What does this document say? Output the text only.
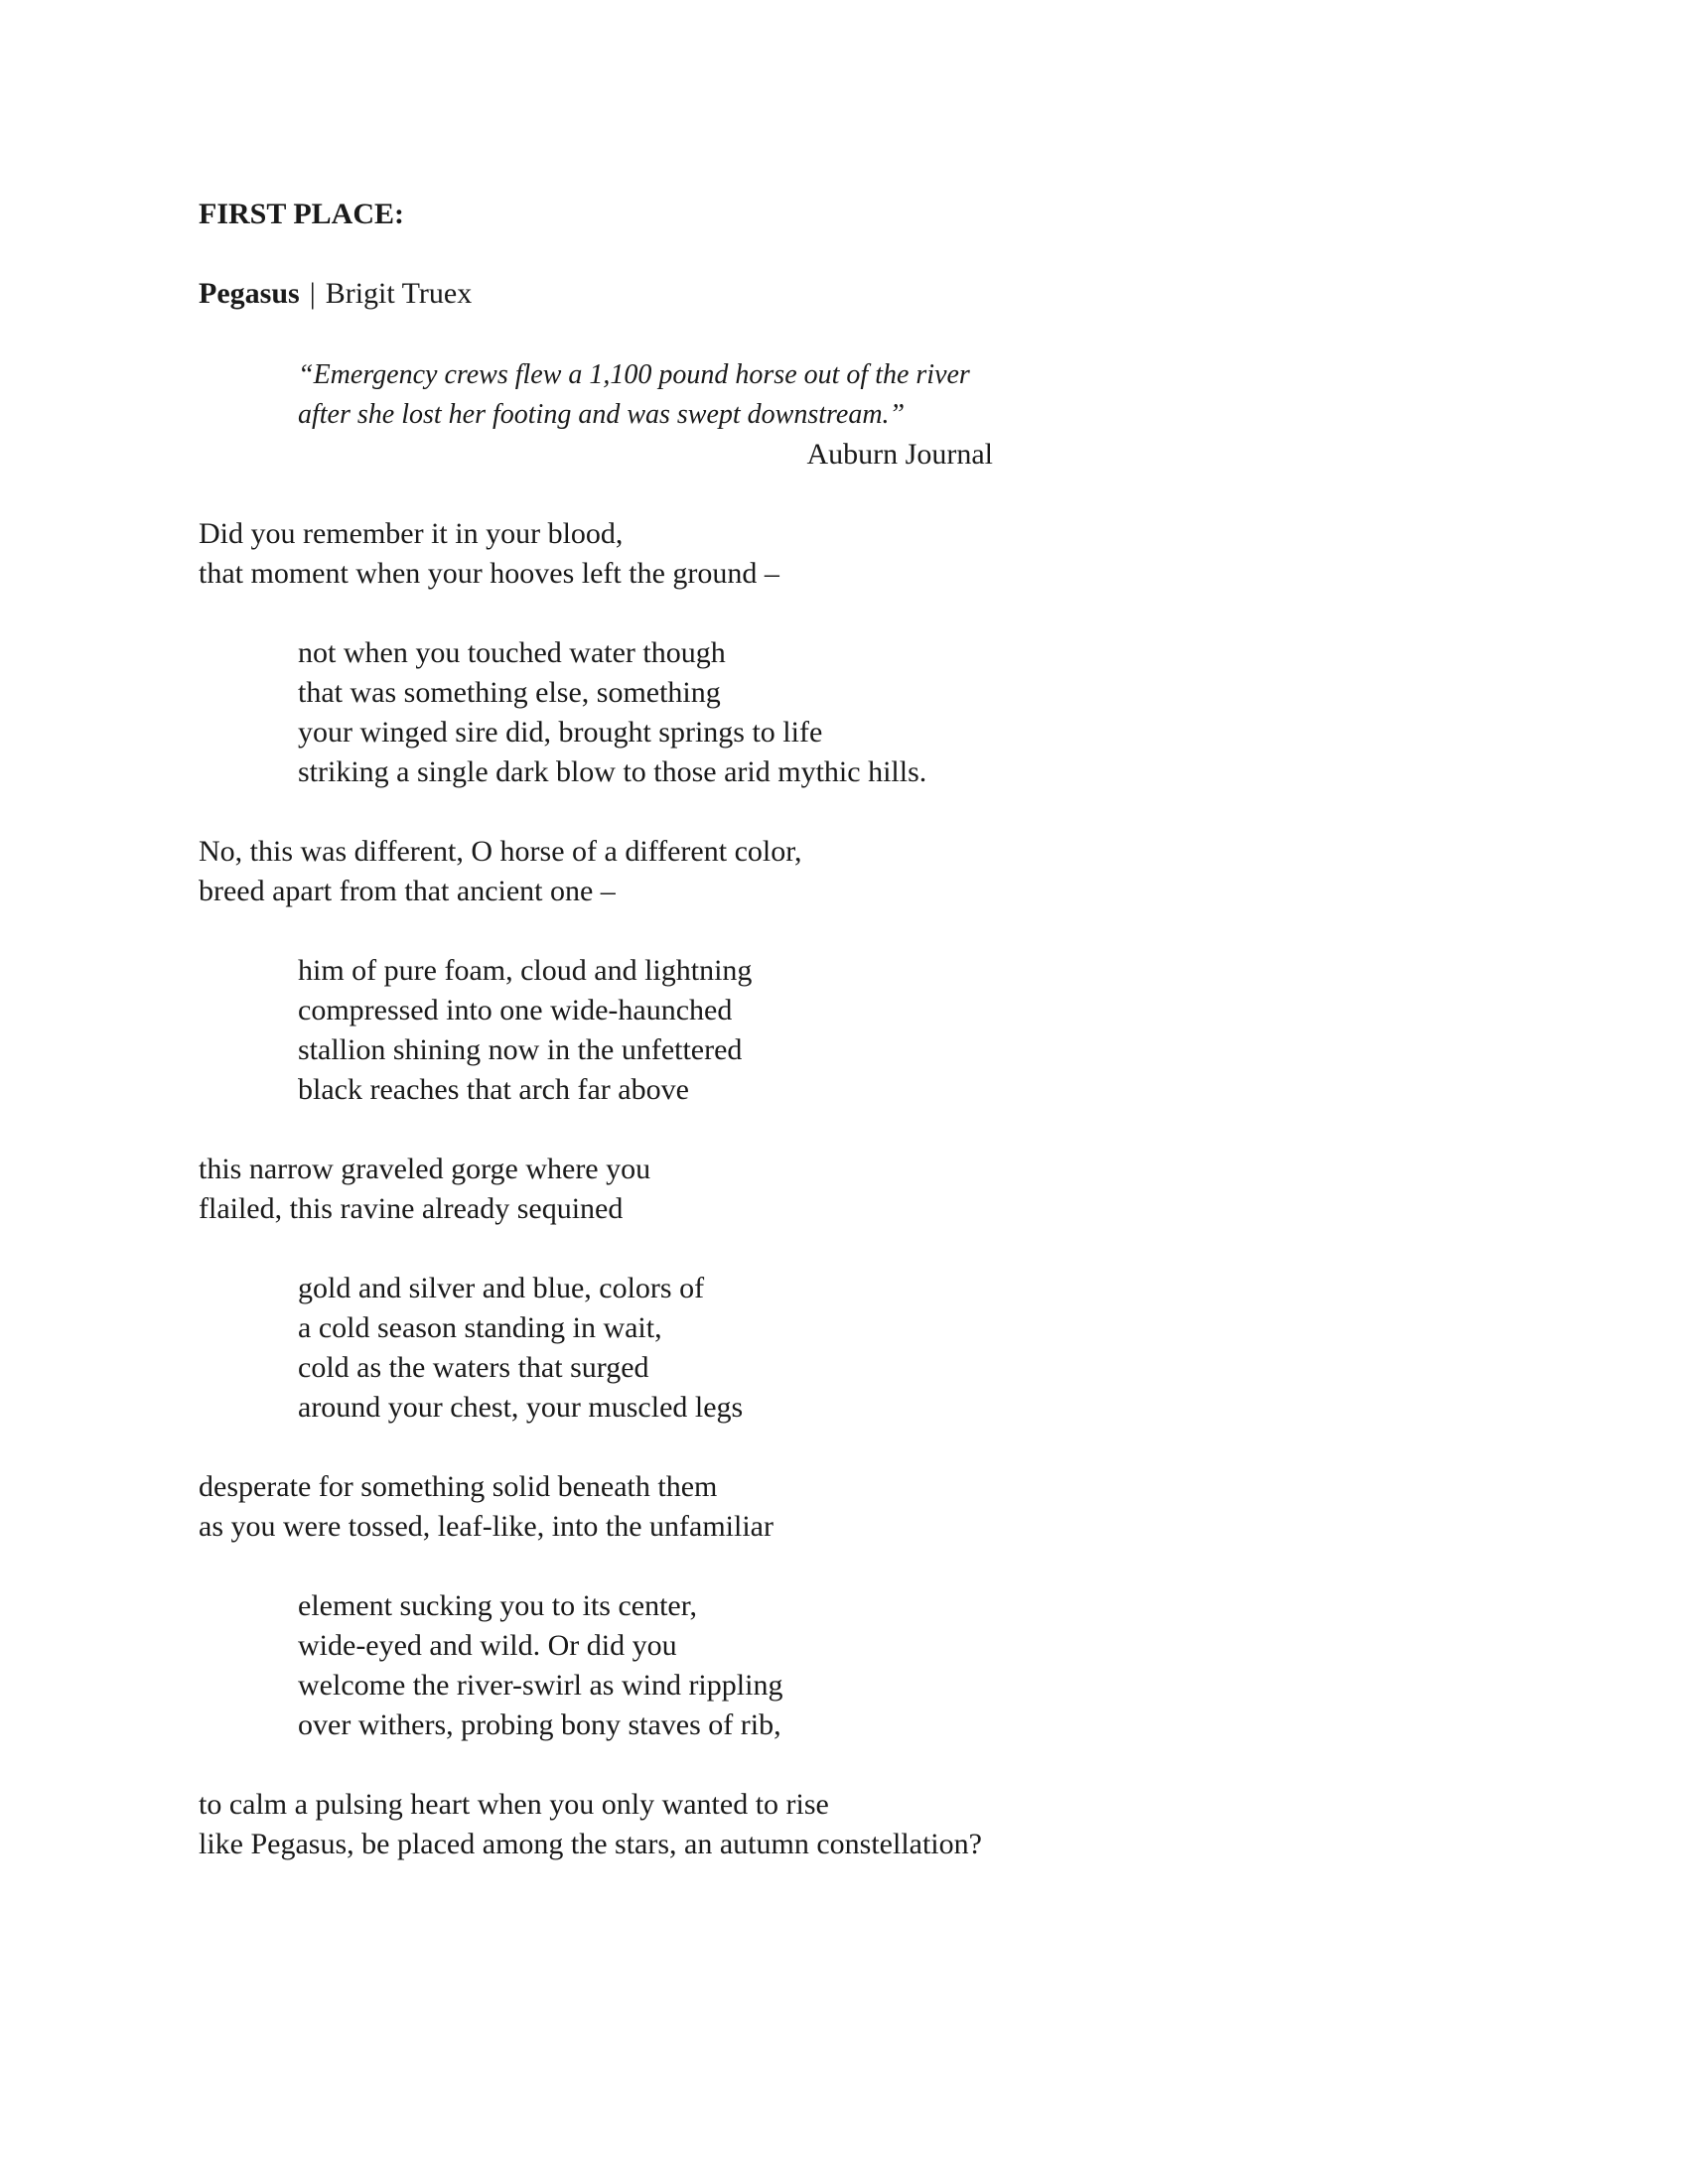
FIRST PLACE:
Pegasus | Brigit Truex
“Emergency crews flew a 1,100 pound horse out of the river
after she lost her footing and was swept downstream.”
Auburn Journal
Did you remember it in your blood,
that moment when your hooves left the ground –
not when you touched water though
that was something else, something
your winged sire did, brought springs to life
striking a single dark blow to those arid mythic hills.
No, this was different, O horse of a different color,
breed apart from that ancient one –
him of pure foam, cloud and lightning
compressed into one wide-haunched
stallion shining now in the unfettered
black reaches that arch far above
this narrow graveled gorge where you
flailed, this ravine already sequined
gold and silver and blue, colors of
a cold season standing in wait,
cold as the waters that surged
around your chest, your muscled legs
desperate for something solid beneath them
as you were tossed, leaf-like, into the unfamiliar
element sucking you to its center,
wide-eyed and wild. Or did you
welcome the river-swirl as wind rippling
over withers, probing bony staves of rib,
to calm a pulsing heart when you only wanted to rise
like Pegasus, be placed among the stars, an autumn constellation?
